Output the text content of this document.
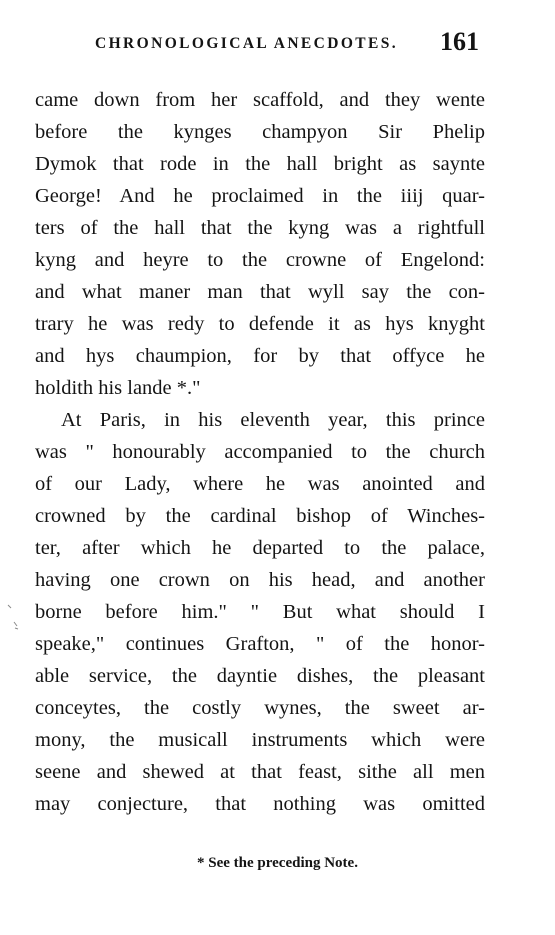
CHRONOLOGICAL ANECDOTES. 161
came down from her scaffold, and they wente
before the kynges champyon Sir Phelip
Dymok that rode in the hall bright as saynte
George! And he proclaimed in the iiij quar-
ters of the hall that the kyng was a rightfull
kyng and heyre to the crowne of Engelond:
and what maner man that wyll say the con-
trary he was redy to defende it as hys knyght
and hys chaumpion, for by that offyce he
holdith his lande *."
At Paris, in his eleventh year, this prince
was " honourably accompanied to the church
of our Lady, where he was anointed and
crowned by the cardinal bishop of Winches-
ter, after which he departed to the palace,
having one crown on his head, and another
borne before him." " But what should I
speake," continues Grafton, " of the honor-
able service, the dayntie dishes, the pleasant
conceytes, the costly wynes, the sweet ar-
mony, the musicall instruments which were
seene and shewed at that feast, sithe all men
may conjecture, that nothing was omitted
* See the preceding Note.
